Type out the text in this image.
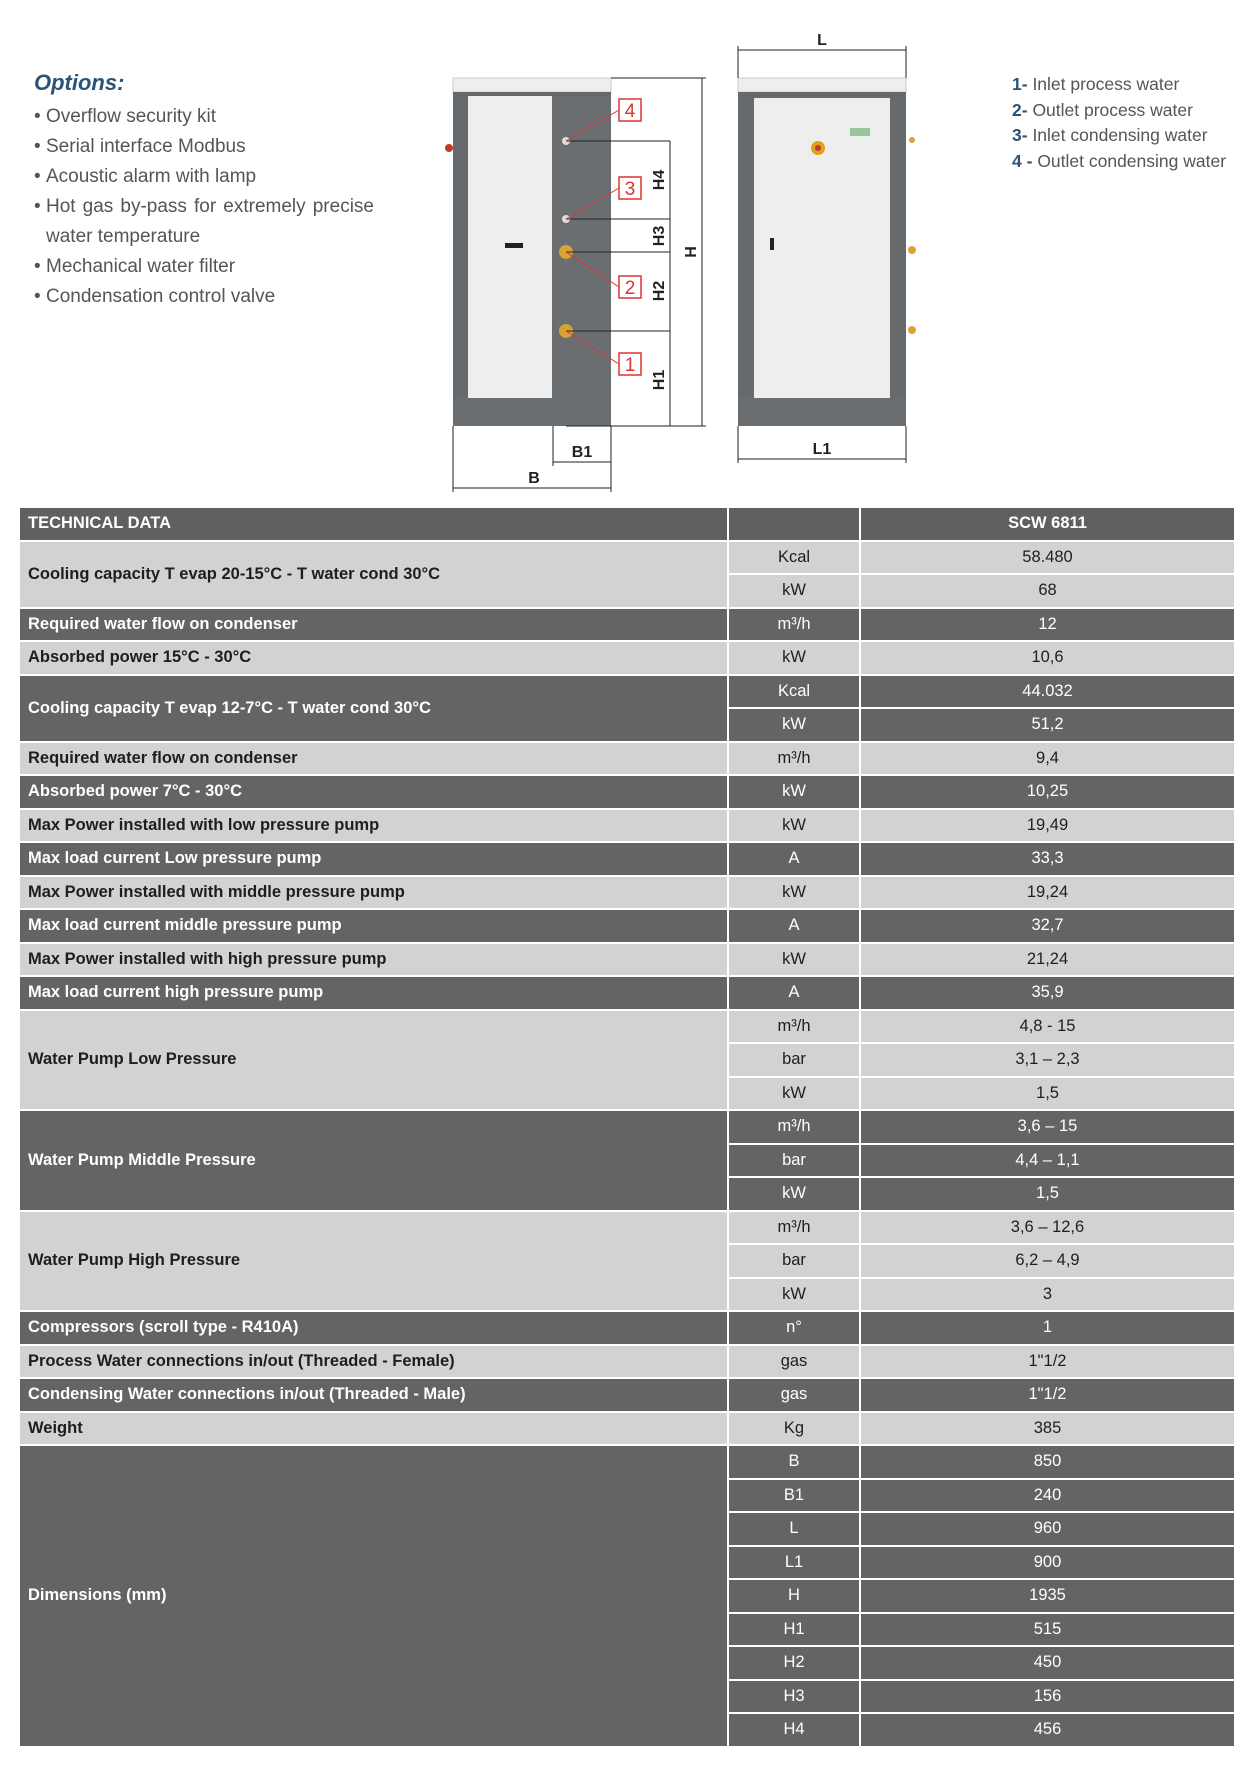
Options:
• Overflow security kit
• Serial interface Modbus
• Acoustic alarm with lamp
• Hot gas by-pass for extremely precise water temperature
• Mechanical water filter
• Condensation control valve
4
3
2
1
H4
H3
H2
H1
H
B
B1
L
L1
1- Inlet process water
2- Outlet process water
3- Inlet condensing water
4 - Outlet condensing water
TECHNICAL DATA		SCW 6811
Cooling capacity T evap 20-15°C - T water cond 30°C	Kcal	58.480
	kW	68
Required water flow on condenser	m³/h	12
Absorbed power 15°C - 30°C	kW	10,6
Cooling capacity T evap 12-7°C - T water cond 30°C	Kcal	44.032
	kW	51,2
Required water flow on condenser	m³/h	9,4
Absorbed power 7°C - 30°C	kW	10,25
Max Power installed with low pressure pump	kW	19,49
Max load current Low pressure pump	A	33,3
Max Power installed with middle pressure pump	kW	19,24
Max load current middle pressure pump	A	32,7
Max Power installed with high pressure pump	kW	21,24
Max load current high pressure pump	A	35,9
Water Pump Low Pressure	m³/h	4,8 - 15
	bar	3,1 – 2,3
	kW	1,5
Water Pump Middle Pressure	m³/h	3,6 – 15
	bar	4,4 – 1,1
	kW	1,5
Water Pump High Pressure	m³/h	3,6 – 12,6
	bar	6,2 – 4,9
	kW	3
Compressors (scroll type - R410A)	n°	1
Process Water connections in/out (Threaded - Female)	gas	1"1/2
Condensing Water connections in/out (Threaded - Male)	gas	1"1/2
Weight	Kg	385
Dimensions (mm)	B	850
	B1	240
	L	960
	L1	900
	H	1935
	H1	515
	H2	450
	H3	156
	H4	456
